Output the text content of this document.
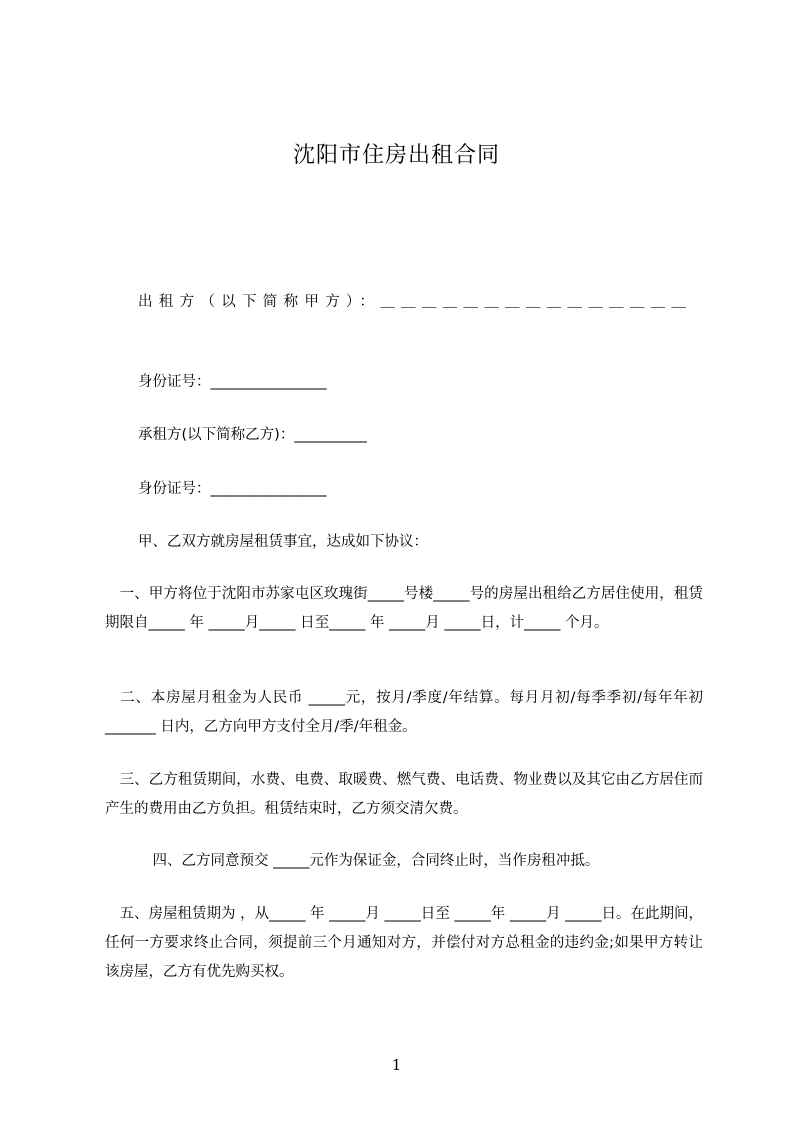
沈阳市住房出租合同
出租方（以下简称甲方）：＿＿＿＿＿＿＿＿＿＿＿＿＿＿＿
身份证号：________________
承租方(以下简称乙方)：__________
身份证号：________________
甲、乙双方就房屋租赁事宜，达成如下协议：
　一、甲方将位于沈阳市苏家屯区玫瑰街_____号楼_____号的房屋出租给乙方居住使用，租赁期限自_____ 年 _____月_____ 日至_____ 年 _____月 _____日，计_____ 个月。
　二、本房屋月租金为人民币 _____元，按月/季度/年结算。每月月初/每季季初/每年年初_______ 日内，乙方向甲方支付全月/季/年租金。
　三、乙方租赁期间，水费、电费、取暖费、燃气费、电话费、物业费以及其它由乙方居住而产生的费用由乙方负担。租赁结束时，乙方须交清欠费。
　四、乙方同意预交 _____元作为保证金，合同终止时，当作房租冲抵。
　五、房屋租赁期为 ，从_____ 年 _____月 _____日至 _____年 _____月 _____日。在此期间，任何一方要求终止合同，须提前三个月通知对方，并偿付对方总租金的违约金;如果甲方转让该房屋，乙方有优先购买权。
1
